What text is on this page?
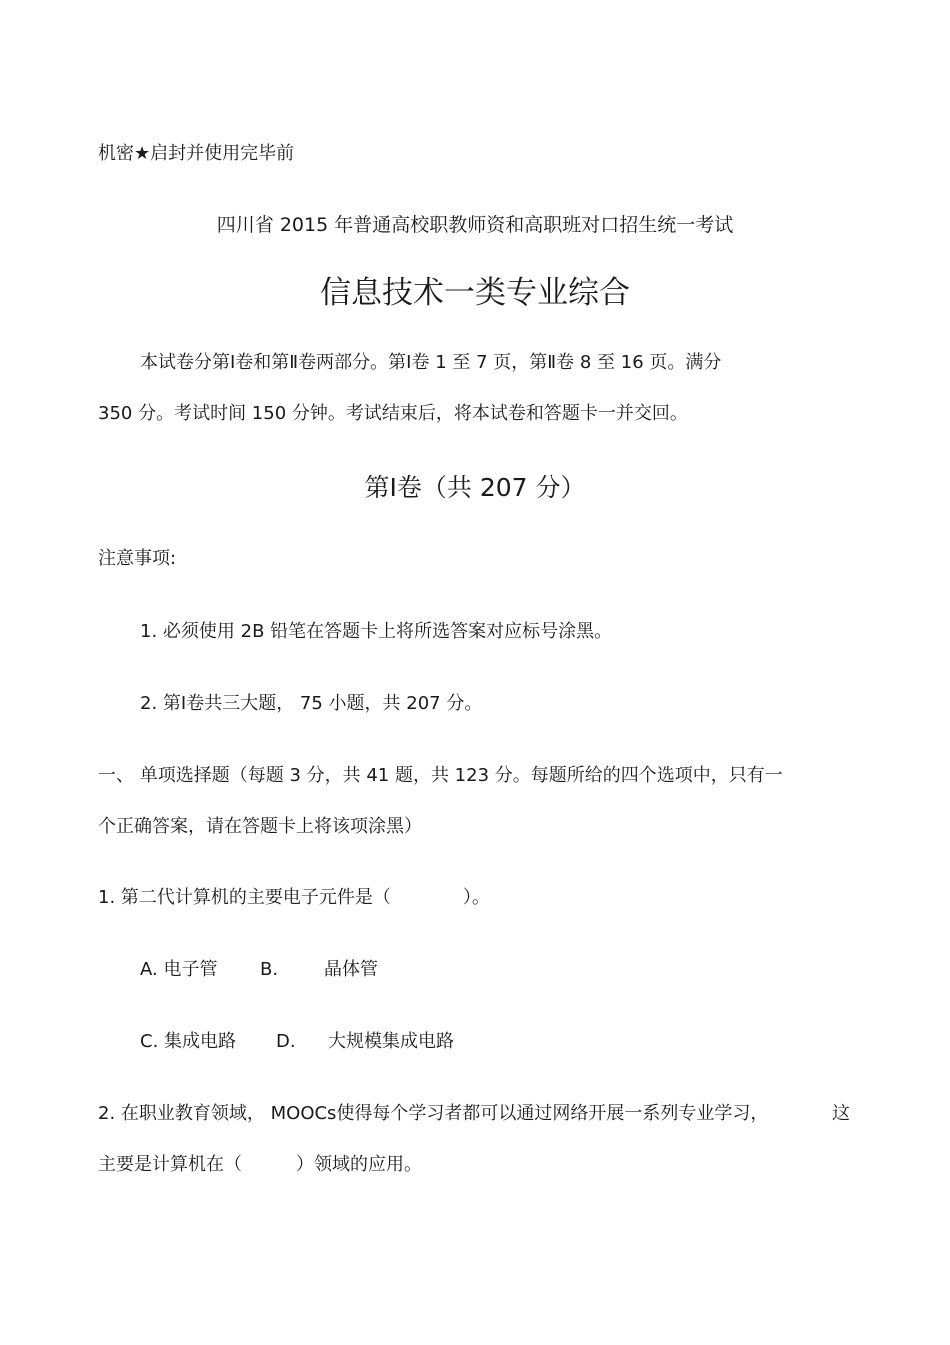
机密★启封并使用完毕前
四川省 2015 年普通高校职教师资和高职班对口招生统一考试
信息技术一类专业综合
本试卷分第Ⅰ卷和第Ⅱ卷两部分。第Ⅰ卷 1 至 7 页，第Ⅱ卷 8 至 16 页。满分
350 分。考试时间 150 分钟。考试结束后，将本试卷和答题卡一并交回。
第Ⅰ卷（共 207 分）
注意事项:
1. 必须使用 2B 铅笔在答题卡上将所选答案对应标号涂黑。
2. 第Ⅰ卷共三大题， 75 小题，共 207 分。
一、 单项选择题（每题 3 分，共 41 题，共 123 分。每题所给的四个选项中，只有一
个正确答案，请在答题卡上将该项涂黑）
1. 第二代计算机的主要电子元件是（　　　　）。
A. 电子管 B.	晶体管
C. 集成电路 D. 大规模集成电路
2. 在职业教育领域， MOOCs使得每个学习者都可以通过网络开展一系列专业学习，	这
主要是计算机在（　　　）领域的应用。
